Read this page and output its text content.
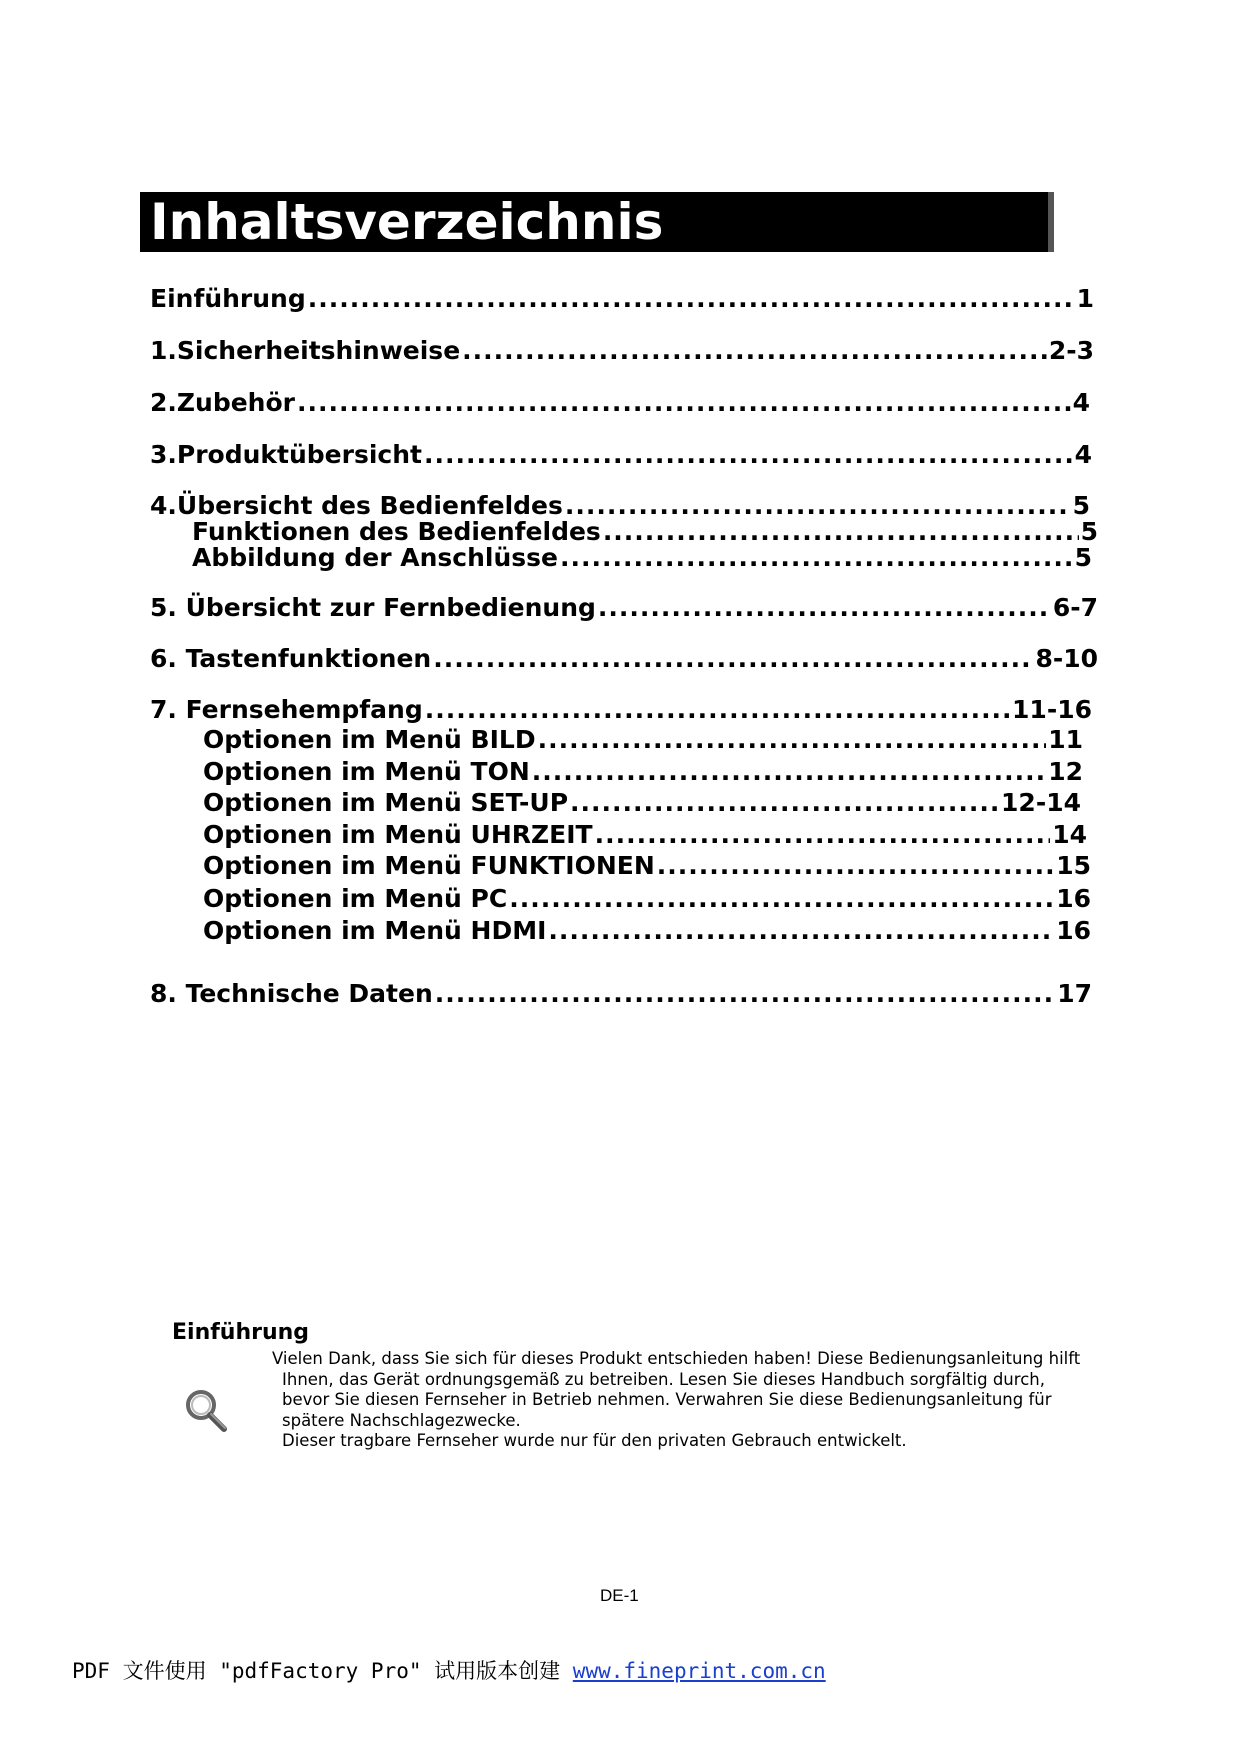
Inhaltsverzeichnis
Einführung .....	1
1.Sicherheitshinweise .....	2-3
2.Zubehör .....	4
3.Produktübersicht .....	4
4.Übersicht des Bedienfeldes .....	5
Funktionen des Bedienfeldes .....	5
Abbildung der Anschlüsse .....	5
5. Übersicht zur Fernbedienung .....	6-7
6. Tastenfunktionen .....	8-10
7. Fernsehempfang .....	11-16
Optionen im Menü BILD .....	11
Optionen im Menü TON .....	12
Optionen im Menü SET-UP .....	12-14
Optionen im Menü UHRZEIT .....	14
Optionen im Menü FUNKTIONEN .....	15
Optionen im Menü PC .....	16
Optionen im Menü HDMI .....	16
8. Technische Daten .....	17
Einführung
Vielen Dank, dass Sie sich für dieses Produkt entschieden haben! Diese Bedienungsanleitung hilft Ihnen, das Gerät ordnungsgemäß zu betreiben. Lesen Sie dieses Handbuch sorgfältig durch, bevor Sie diesen Fernseher in Betrieb nehmen. Verwahren Sie diese Bedienungsanleitung für spätere Nachschlagezwecke.
Dieser tragbare Fernseher wurde nur für den privaten Gebrauch entwickelt.
DE-1
PDF 文件使用 "pdfFactory Pro" 试用版本创建 www.fineprint.com.cn
